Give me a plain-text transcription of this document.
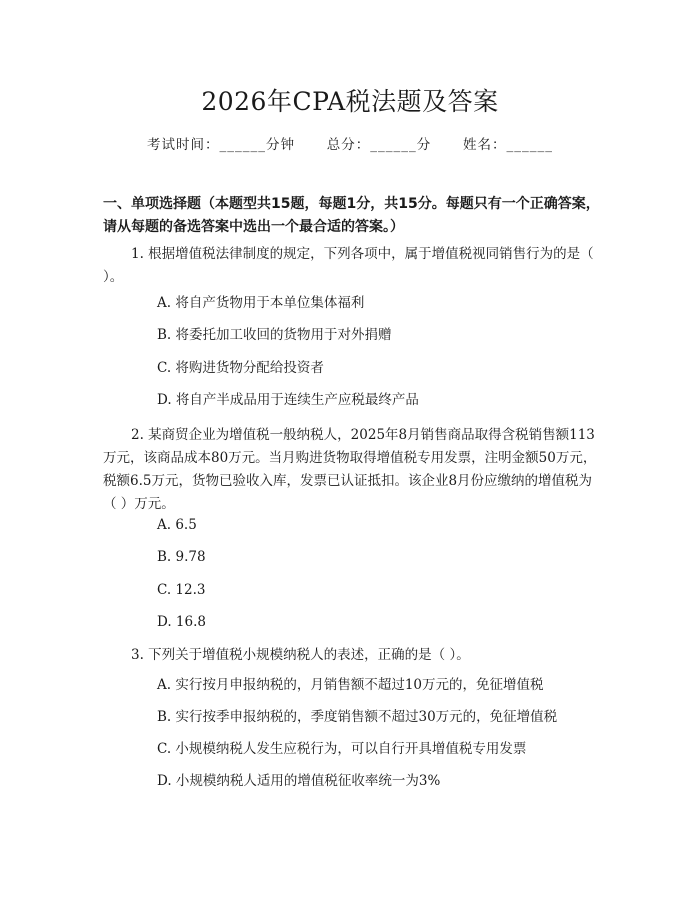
2026年CPA税法题及答案
考试时间：______分钟      总分：______分      姓名：______

一、单项选择题（本题型共15题，每题1分，共15分。每题只有一个正确答案，请从每题的备选答案中选出一个最合适的答案。）

1. 根据增值税法律制度的规定，下列各项中，属于增值税视同销售行为的是（ ）。

A. 将自产货物用于本单位集体福利

B. 将委托加工收回的货物用于对外捐赠

C. 将购进货物分配给投资者

D. 将自产半成品用于连续生产应税最终产品

2. 某商贸企业为增值税一般纳税人，2025年8月销售商品取得含税销售额113万元，该商品成本80万元。当月购进货物取得增值税专用发票，注明金额50万元，税额6.5万元，货物已验收入库，发票已认证抵扣。该企业8月份应缴纳的增值税为（ ）万元。

A. 6.5

B. 9.78

C. 12.3

D. 16.8

3. 下列关于增值税小规模纳税人的表述，正确的是（ ）。

A. 实行按月申报纳税的，月销售额不超过10万元的，免征增值税

B. 实行按季申报纳税的，季度销售额不超过30万元的，免征增值税

C. 小规模纳税人发生应税行为，可以自行开具增值税专用发票

D. 小规模纳税人适用的增值税征收率统一为3%
